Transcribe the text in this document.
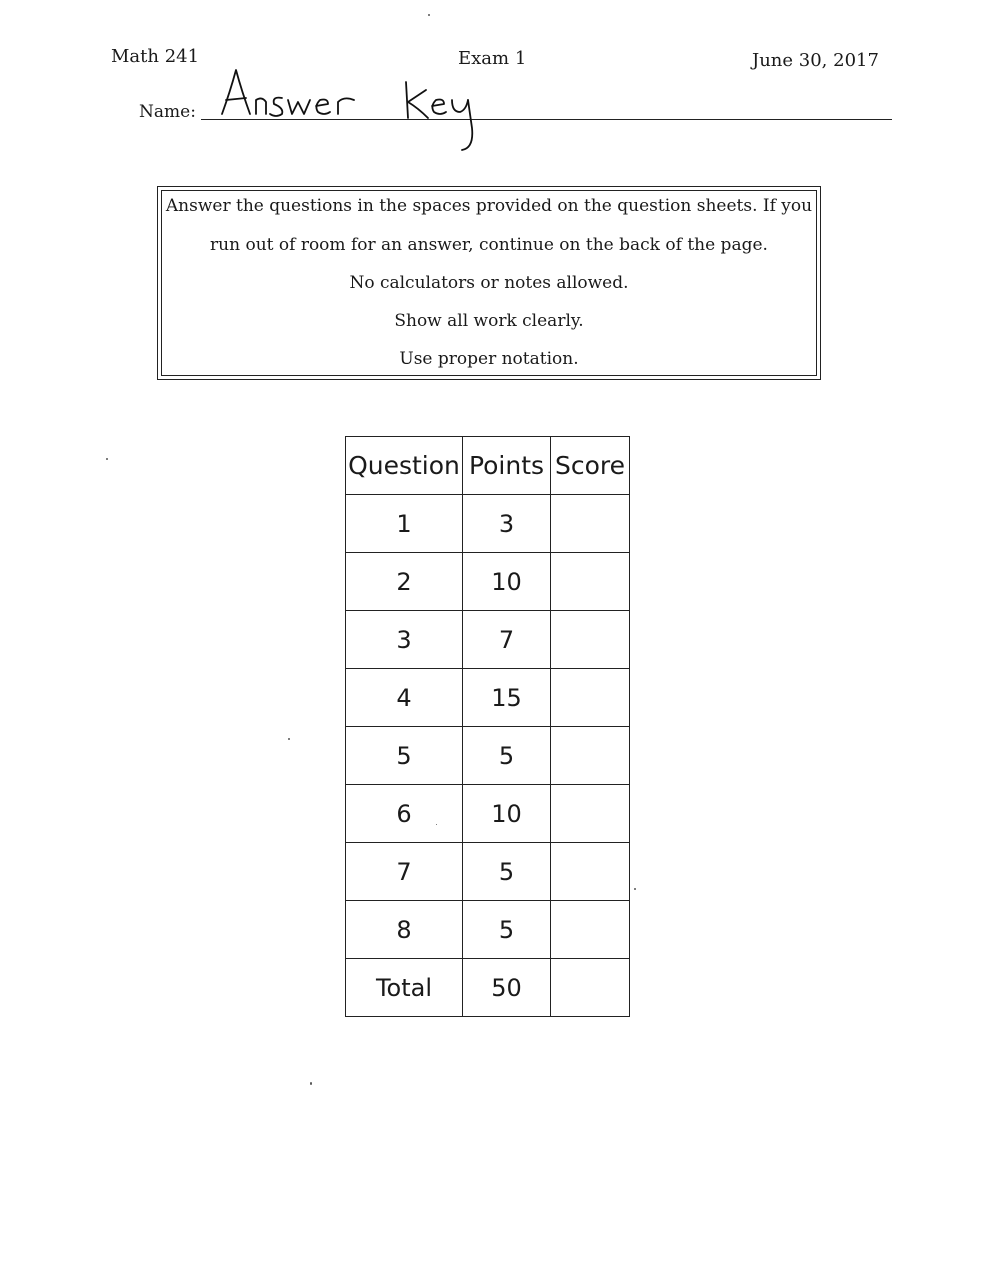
Math 241	Exam 1	June 30, 2017
Name:
Answer Key
Answer the questions in the spaces provided on the question sheets. If you
run out of room for an answer, continue on the back of the page.
No calculators or notes allowed.
Show all work clearly.
Use proper notation.
Question	Points	Score
1	3	
2	10	
3	7	
4	15	
5	5	
6	10	
7	5	
8	5	
Total	50	
